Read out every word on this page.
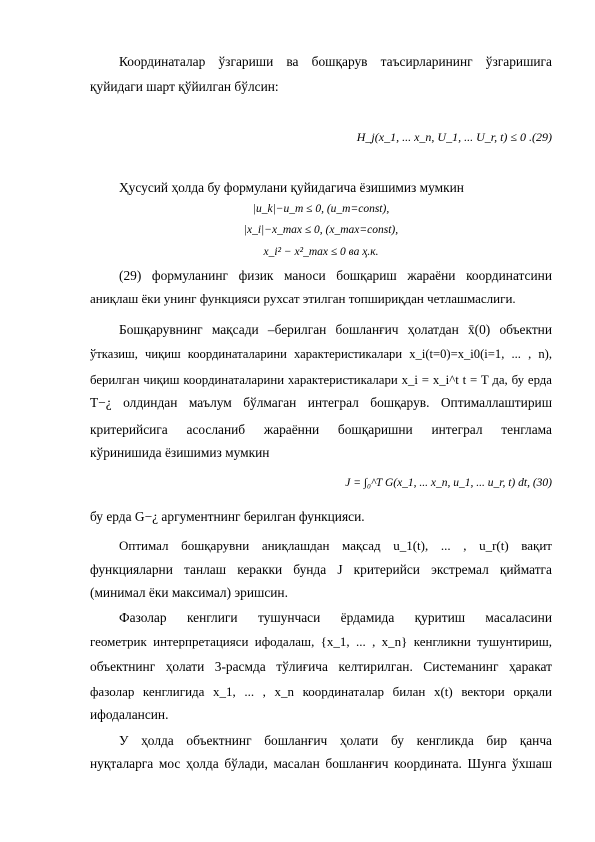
Координаталар ўзгариши ва бошқарув таъсирларининг ўзгаришига
қуйидаги шарт қўйилган бўлсин:
H_j(x_1, ... x_n, U_1, ... U_r, t) ≤ 0 .(29)
Ҳусусий ҳолда бу формулани қуйидагича ёзишимиз мумкин
|u_k|−u_m ≤ 0, (u_m=const),
|x_i|−x_max ≤ 0, (x_max=const),
x_i² − x²_max ≤ 0 ва ҳ.к.
(29) формуланинг физик маноси бошқариш жараёни координатсини
аниқлаш ёки унинг функцияси рухсат этилган топшириқдан четлашмаслиги.
Бошқарувнинг мақсади –берилган бошланғич ҳолатдан x̄(0) объектни
ўтказиш, чиқиш координаталарини характеристикалари x_i(t=0)=x_i0(i=1, ... , n),
берилган чиқиш координаталарини характеристикалари x_i = x_i^t t = T да, бу ерда
T−¿ олдиндан маълум бўлмаган интеграл бошқарув. Оптималлаштириш
критерийсига асосланиб жараённи бошқаришни интеграл тенглама
кўринишида ёзишимиз мумкин
J = ∫₀^T G(x_1, ... x_n, u_1, ... u_r, t) dt, (30)
бу ерда G−¿ аргументнинг берилган функцияси.
Оптимал бошқарувни аниқлашдан мақсад u_1(t), ... , u_r(t) вақит
функцияларни танлаш керакки бунда J критерийси экстремал қийматга
(минимал ёки максимал) эришсин.
Фазолар кенглиги тушунчаси ёрдамида қуритиш масаласини
геометрик интерпретацияси ифодалаш, {x_1, ... , x_n} кенгликни тушунтириш,
объектнинг ҳолати 3-расмда тўлиғича келтирилган. Системанинг ҳаракат
фазолар кенглигида x_1, ... , x_n координаталар билан x(t) вектори орқали
ифодалансин.
У ҳолда объектнинг бошланғич ҳолати бу кенгликда бир қанча
нуқталарга мос ҳолда бўлади, масалан бошланғич координата. Шунга ўхшаш
